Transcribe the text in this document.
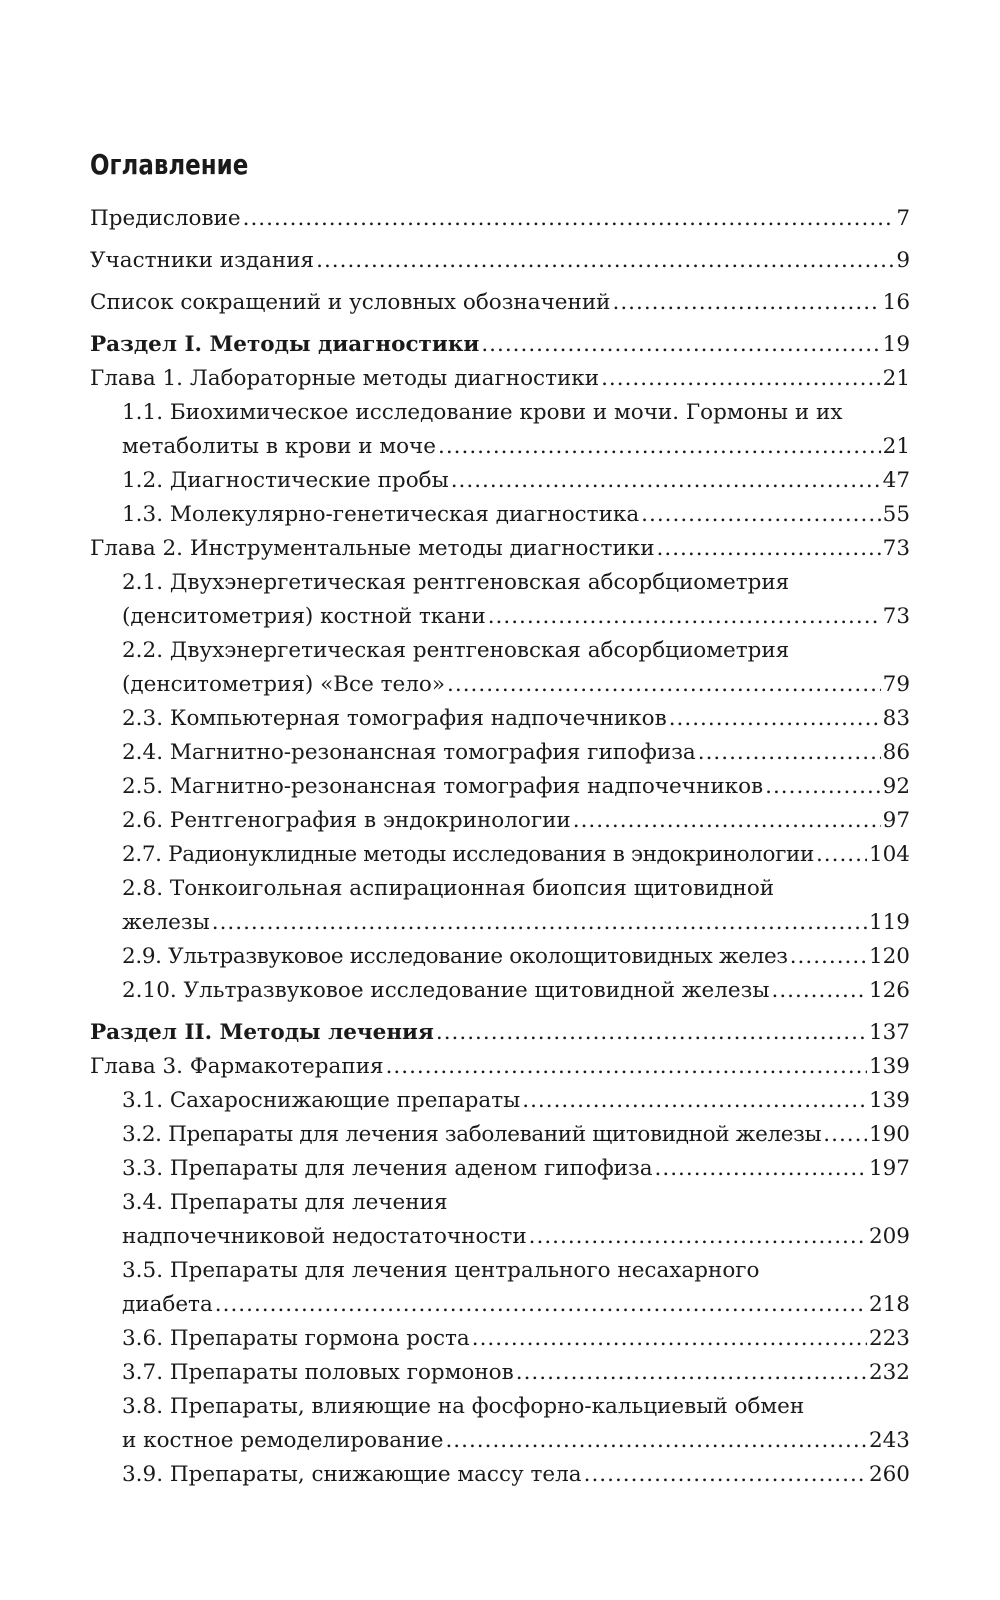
Оглавление
Предисловие .....	7
Участники издания .....	9
Список сокращений и условных обозначений .....	16
Раздел I. Методы диагностики .....	19
Глава 1. Лабораторные методы диагностики .....	21
1.1. Биохимическое исследование крови и мочи. Гормоны и их
метаболиты в крови и моче .....	21
1.2. Диагностические пробы .....	47
1.3. Молекулярно-генетическая диагностика .....	55
Глава 2. Инструментальные методы диагностики .....	73
2.1. Двухэнергетическая рентгеновская абсорбциометрия
(денситометрия) костной ткани .....	73
2.2. Двухэнергетическая рентгеновская абсорбциометрия
(денситометрия) «Все тело» .....	79
2.3. Компьютерная томография надпочечников .....	83
2.4. Магнитно-резонансная томография гипофиза .....	86
2.5. Магнитно-резонансная томография надпочечников .....	92
2.6. Рентгенография в эндокринологии .....	97
2.7. Радионуклидные методы исследования в эндокринологии .....	104
2.8. Тонкоигольная аспирационная биопсия щитовидной
железы .....	119
2.9. Ультразвуковое исследование околощитовидных желез .....	120
2.10. Ультразвуковое исследование щитовидной железы .....	126
Раздел II. Методы лечения .....	137
Глава 3. Фармакотерапия .....	139
3.1. Сахароснижающие препараты .....	139
3.2. Препараты для лечения заболеваний щитовидной железы ..... 190
3.3. Препараты для лечения аденом гипофиза .....	197
3.4. Препараты для лечения
надпочечниковой недостаточности .....	209
3.5. Препараты для лечения центрального несахарного
диабета .....	218
3.6. Препараты гормона роста .....	223
3.7. Препараты половых гормонов .....	232
3.8. Препараты, влияющие на фосфорно-кальциевый обмен
и костное ремоделирование .....	243
3.9. Препараты, снижающие массу тела .....	260
